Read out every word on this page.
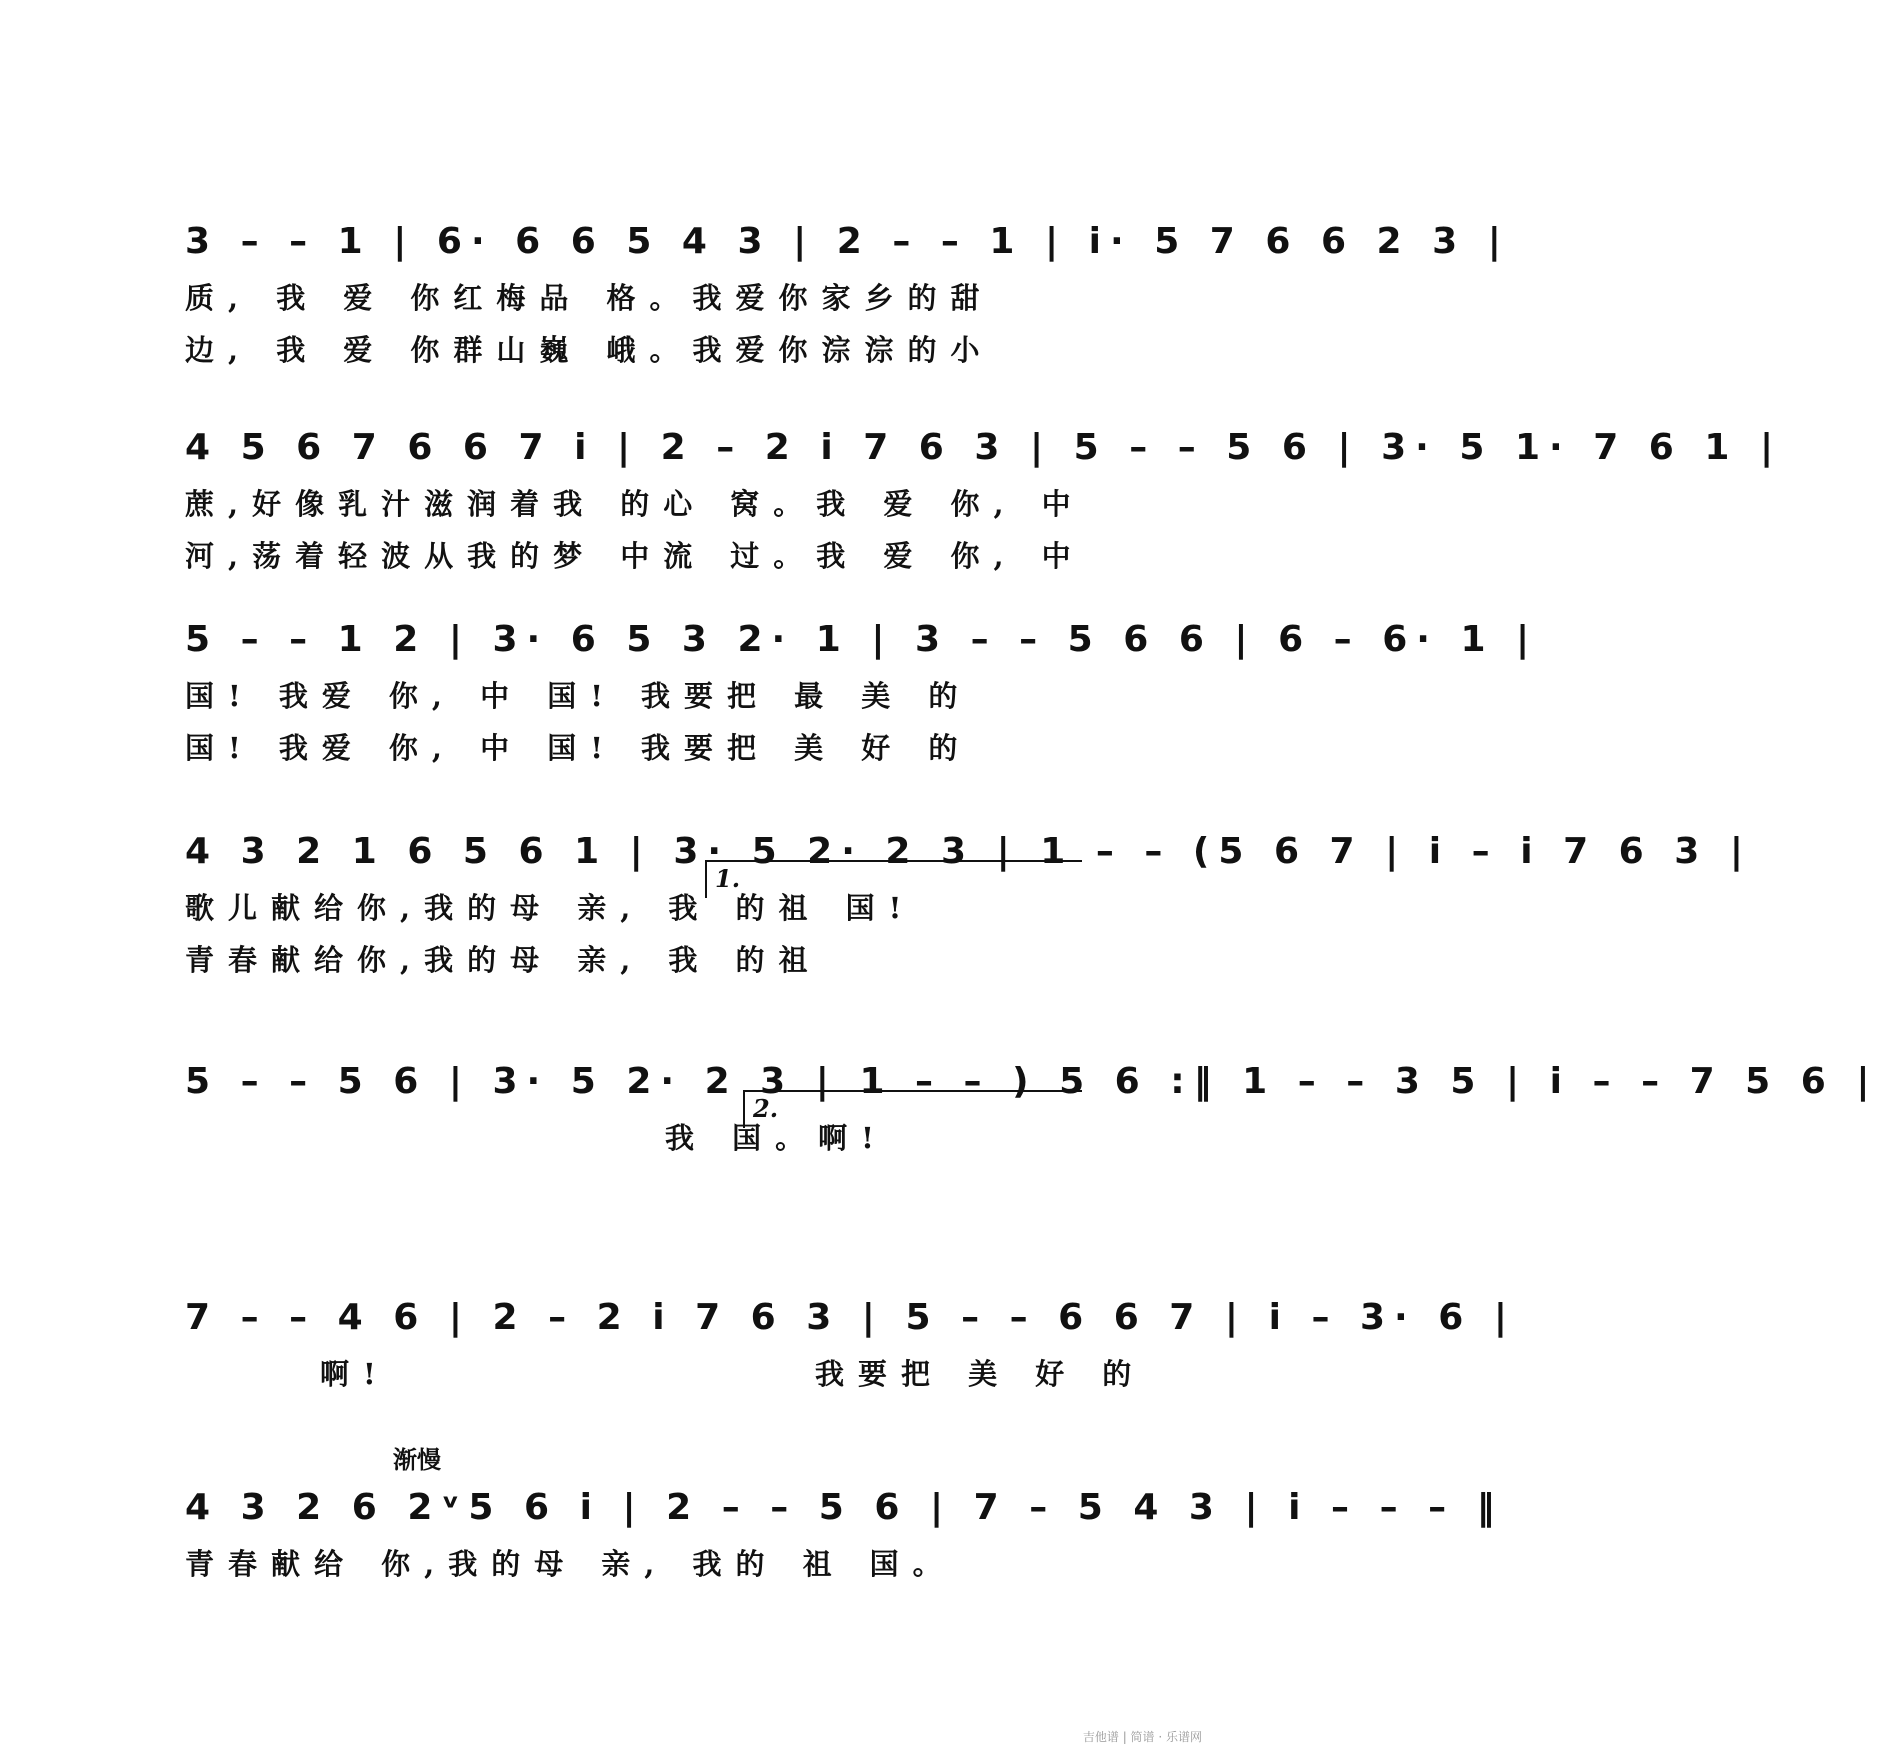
3 – – 1 | 6· 6 6 5 4 3 | 2 – – 1 | i· 5 7 6 6 2 3 |
质, 我 爱 你红梅品 格。我爱你家乡的甜
边, 我 爱 你群山巍 峨。我爱你淙淙的小
4 5 6 7 6 6 7 i | 2 – 2 i 7 6 3 | 5 – – 5 6 | 3· 5 1· 7 6 1 |
蔗,好像乳汁滋润着我 的心 窝。我 爱 你, 中
河,荡着轻波从我的梦 中流 过。我 爱 你, 中
5 – – 1 2 | 3· 6 5 3 2· 1 | 3 – – 5 6 6 | 6 – 6· 1 |
国! 我爱 你, 中 国! 我要把 最 美 的
国! 我爱 你, 中 国! 我要把 美 好 的
1.
4 3 2 1 6 5 6 1 | 3· 5 2· 2 3 | 1 – – (5 6 7 | i – i 7 6 3 |
歌儿献给你,我的母 亲, 我 的祖 国!
青春献给你,我的母 亲, 我 的祖
2.
5 – – 5 6 | 3· 5 2· 2 3 | 1 – – ) 5 6 :‖ 1 – – 3 5 | i – – 7 5 6 |
我 国。啊!
7 – – 4 6 | 2 – 2 i 7 6 3 | 5 – – 6 6 7 | i – 3· 6 |
啊!	我要把 美 好 的
渐慢
4 3 2 6 2ᵛ5 6 i | 2 – – 5 6 | 7 – 5 4 3 | i – – – ‖
青春献给 你,我的母 亲, 我的 祖 国。
吉他谱 | 简谱 · 乐谱网
